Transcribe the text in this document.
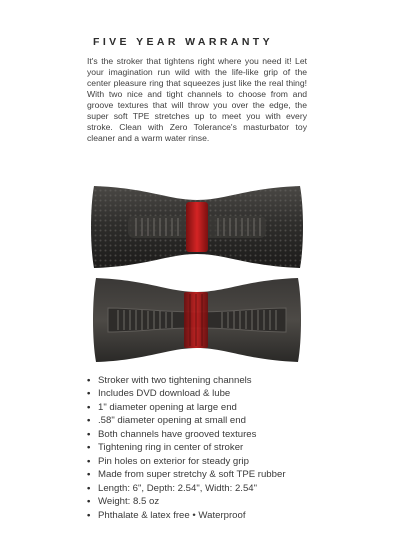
FIVE YEAR WARRANTY
It's the stroker that tightens right where you need it! Let your imagination run wild with the life-like grip of the center pleasure ring that squeezes just like the real thing! With two nice and tight channels to choose from and groove textures that will throw you over the edge, the super soft TPE stretches up to meet you with every stroke. Clean with Zero Tolerance's masturbator toy cleaner and a warm water rinse.
• Stroker with two tightening channels
• Includes DVD download & lube
• 1" diameter opening at large end
• .58" diameter opening at small end
• Both channels have grooved textures
• Tightening ring in center of stroker
• Pin holes on exterior for steady grip
• Made from super stretchy & soft TPE rubber
• Length: 6", Depth: 2.54", Width: 2.54"
• Weight: 8.5 oz
• Phthalate & latex free • Waterproof
